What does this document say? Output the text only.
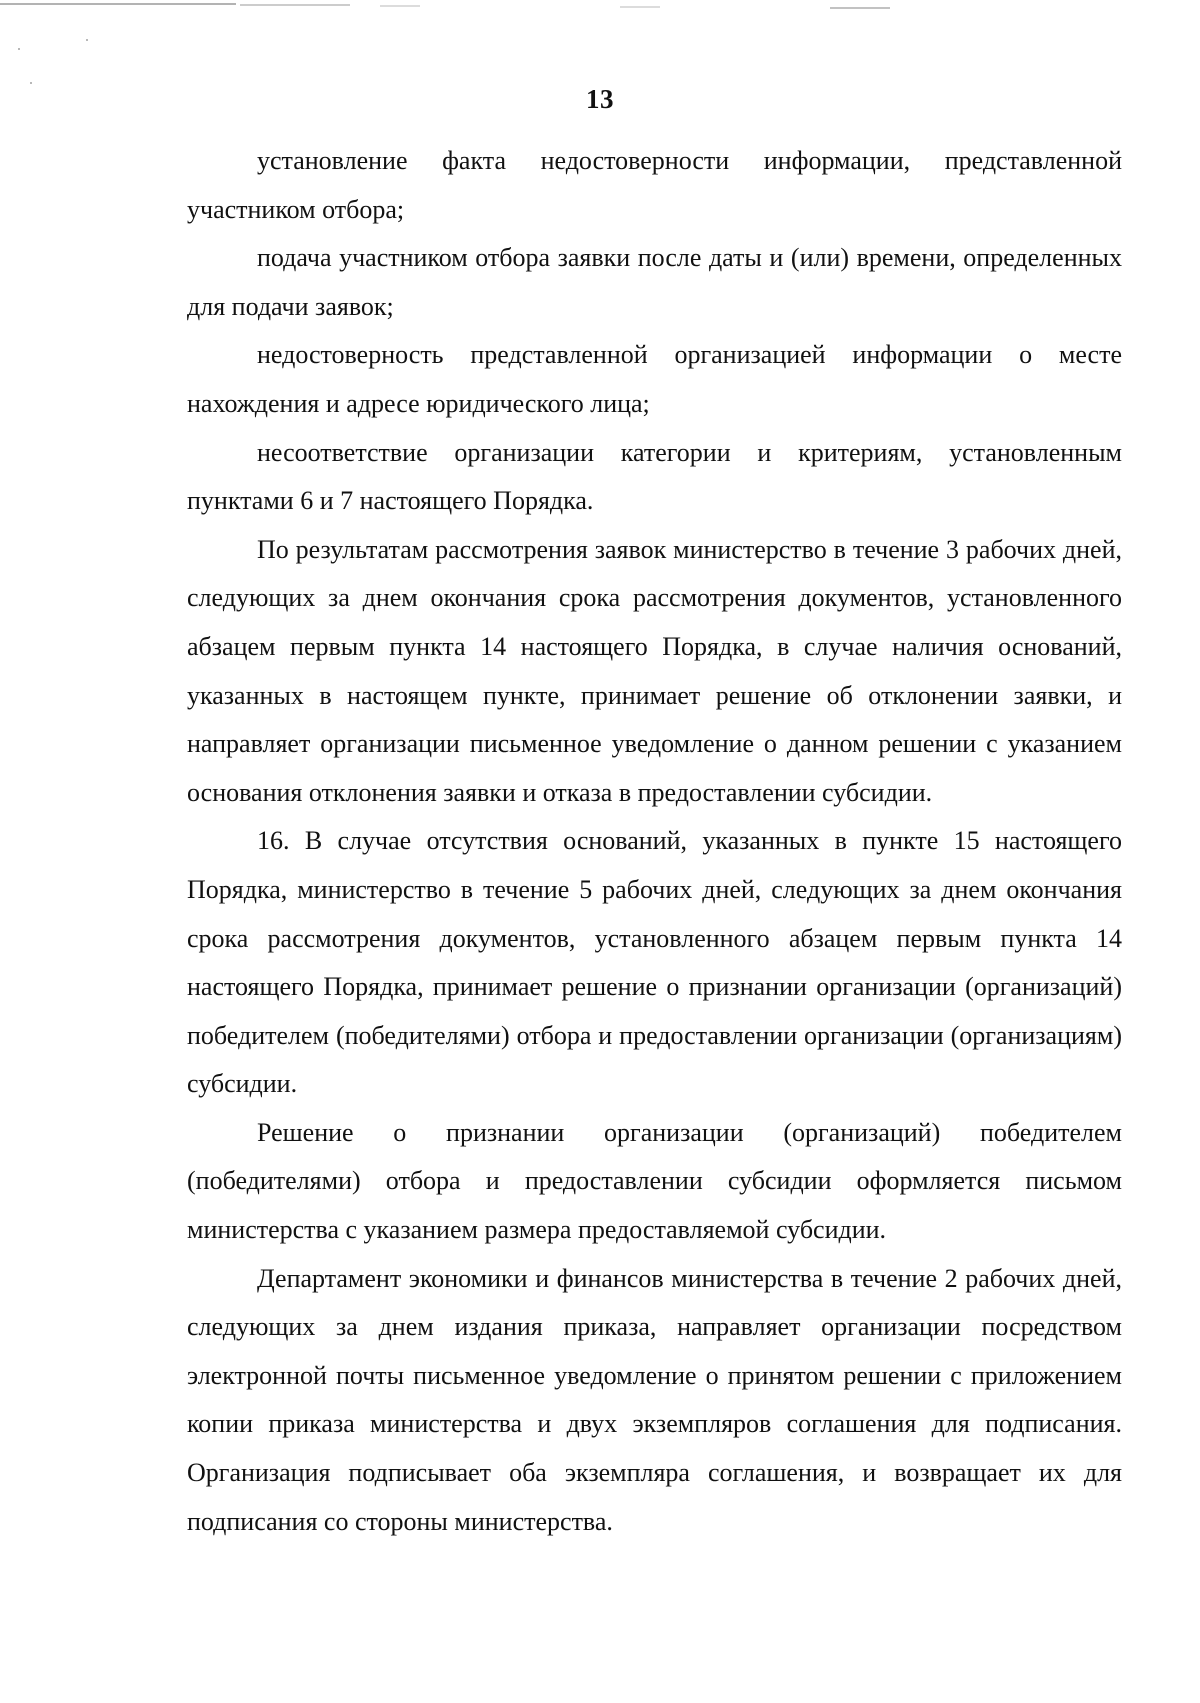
13

установление факта недостоверности информации, представленной участником отбора;

подача участником отбора заявки после даты и (или) времени, определенных для подачи заявок;

недостоверность представленной организацией информации о месте нахождения и адресе юридического лица;

несоответствие организации категории и критериям, установленным пунктами 6 и 7 настоящего Порядка.

По результатам рассмотрения заявок министерство в течение 3 рабочих дней, следующих за днем окончания срока рассмотрения документов, установленного абзацем первым пункта 14 настоящего Порядка, в случае наличия оснований, указанных в настоящем пункте, принимает решение об отклонении заявки, и направляет организации письменное уведомление о данном решении с указанием основания отклонения заявки и отказа в предоставлении субсидии.

16. В случае отсутствия оснований, указанных в пункте 15 настоящего Порядка, министерство в течение 5 рабочих дней, следующих за днем окончания срока рассмотрения документов, установленного абзацем первым пункта 14 настоящего Порядка, принимает решение о признании организации (организаций) победителем (победителями) отбора и предоставлении организации (организациям) субсидии.

Решение о признании организации (организаций) победителем (победителями) отбора и предоставлении субсидии оформляется письмом министерства с указанием размера предоставляемой субсидии.

Департамент экономики и финансов министерства в течение 2 рабочих дней, следующих за днем издания приказа, направляет организации посредством электронной почты письменное уведомление о принятом решении с приложением копии приказа министерства и двух экземпляров соглашения для подписания. Организация подписывает оба экземпляра соглашения, и возвращает их для подписания со стороны министерства.
